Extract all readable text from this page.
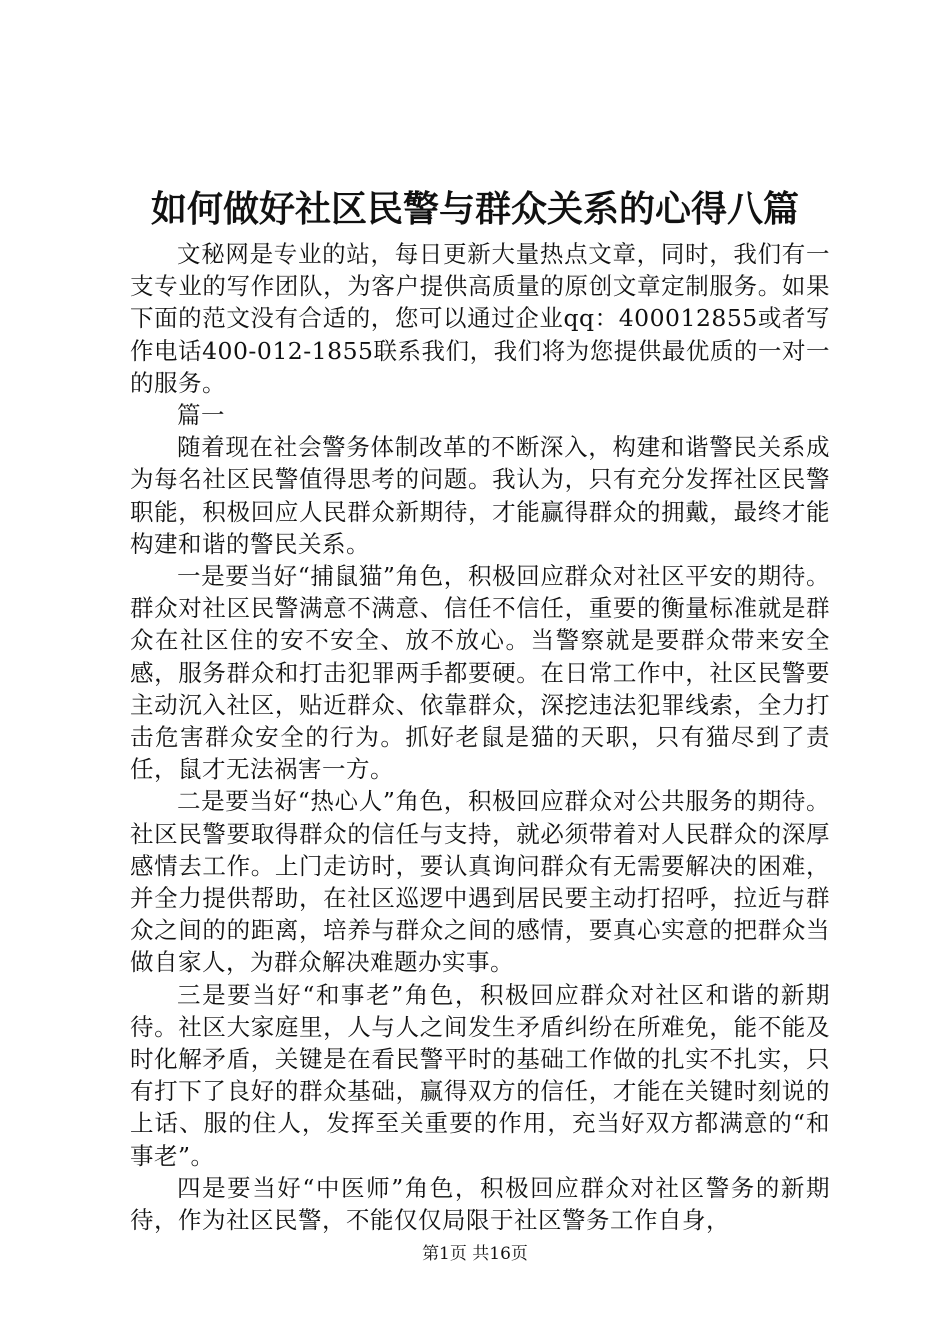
如何做好社区民警与群众关系的心得八篇

文秘网是专业的站，每日更新大量热点文章，同时，我们有一支专业的写作团队，为客户提供高质量的原创文章定制服务。如果下面的范文没有合适的，您可以通过企业qq：400012855或者写作电话400-012-1855联系我们，我们将为您提供最优质的一对一的服务。

篇一

随着现在社会警务体制改革的不断深入，构建和谐警民关系成为每名社区民警值得思考的问题。我认为，只有充分发挥社区民警职能，积极回应人民群众新期待，才能赢得群众的拥戴，最终才能构建和谐的警民关系。

一是要当好“捕鼠猫”角色，积极回应群众对社区平安的期待。群众对社区民警满意不满意、信任不信任，重要的衡量标准就是群众在社区住的安不安全、放不放心。当警察就是要群众带来安全感，服务群众和打击犯罪两手都要硬。在日常工作中，社区民警要主动沉入社区，贴近群众、依靠群众，深挖违法犯罪线索，全力打击危害群众安全的行为。抓好老鼠是猫的天职，只有猫尽到了责任，鼠才无法祸害一方。

二是要当好“热心人”角色，积极回应群众对公共服务的期待。社区民警要取得群众的信任与支持，就必须带着对人民群众的深厚感情去工作。上门走访时，要认真询问群众有无需要解决的困难，并全力提供帮助，在社区巡逻中遇到居民要主动打招呼，拉近与群众之间的的距离，培养与群众之间的感情，要真心实意的把群众当做自家人，为群众解决难题办实事。

三是要当好“和事老”角色，积极回应群众对社区和谐的新期待。社区大家庭里，人与人之间发生矛盾纠纷在所难免，能不能及时化解矛盾，关键是在看民警平时的基础工作做的扎实不扎实，只有打下了良好的群众基础，赢得双方的信任，才能在关键时刻说的上话、服的住人，发挥至关重要的作用，充当好双方都满意的“和事老”。

四是要当好“中医师”角色，积极回应群众对社区警务的新期待，作为社区民警，不能仅仅局限于社区警务工作自身，

第1页 共16页
